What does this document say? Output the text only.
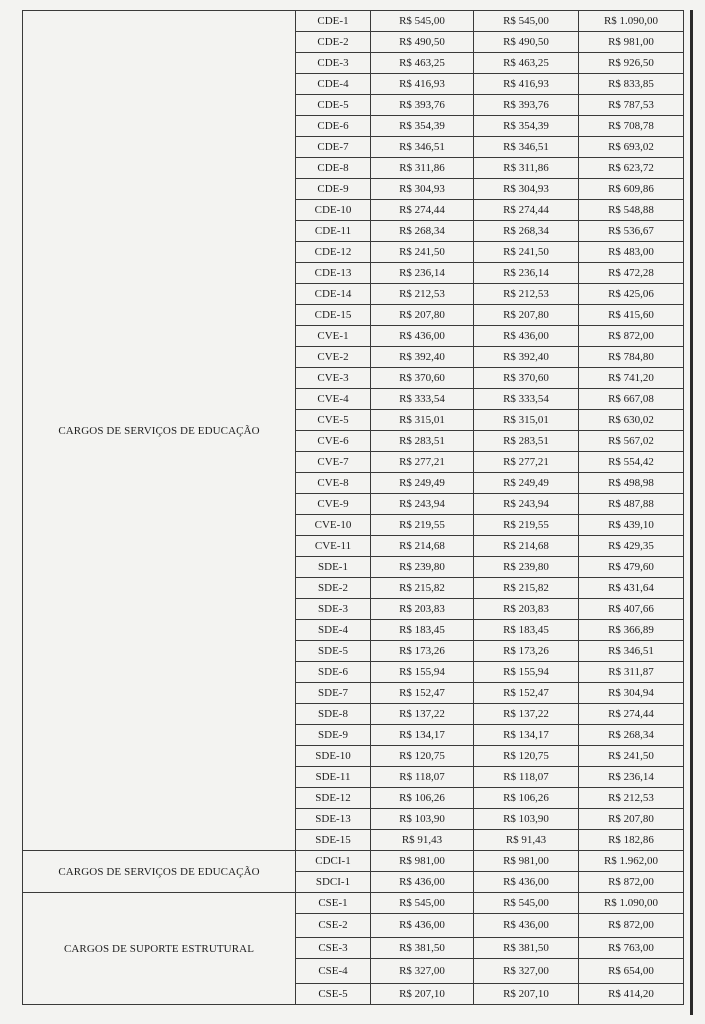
CARGOS DE SERVIÇOS DE EDUCAÇÃO	CDE-1	R$ 545,00	R$ 545,00	R$ 1.090,00
	CDE-2	R$ 490,50	R$ 490,50	R$ 981,00
	CDE-3	R$ 463,25	R$ 463,25	R$ 926,50
	CDE-4	R$ 416,93	R$ 416,93	R$ 833,85
	CDE-5	R$ 393,76	R$ 393,76	R$ 787,53
	CDE-6	R$ 354,39	R$ 354,39	R$ 708,78
	CDE-7	R$ 346,51	R$ 346,51	R$ 693,02
	CDE-8	R$ 311,86	R$ 311,86	R$ 623,72
	CDE-9	R$ 304,93	R$ 304,93	R$ 609,86
	CDE-10	R$ 274,44	R$ 274,44	R$ 548,88
	CDE-11	R$ 268,34	R$ 268,34	R$ 536,67
	CDE-12	R$ 241,50	R$ 241,50	R$ 483,00
	CDE-13	R$ 236,14	R$ 236,14	R$ 472,28
	CDE-14	R$ 212,53	R$ 212,53	R$ 425,06
	CDE-15	R$ 207,80	R$ 207,80	R$ 415,60
	CVE-1	R$ 436,00	R$ 436,00	R$ 872,00
	CVE-2	R$ 392,40	R$ 392,40	R$ 784,80
	CVE-3	R$ 370,60	R$ 370,60	R$ 741,20
	CVE-4	R$ 333,54	R$ 333,54	R$ 667,08
	CVE-5	R$ 315,01	R$ 315,01	R$ 630,02
	CVE-6	R$ 283,51	R$ 283,51	R$ 567,02
	CVE-7	R$ 277,21	R$ 277,21	R$ 554,42
	CVE-8	R$ 249,49	R$ 249,49	R$ 498,98
	CVE-9	R$ 243,94	R$ 243,94	R$ 487,88
	CVE-10	R$ 219,55	R$ 219,55	R$ 439,10
	CVE-11	R$ 214,68	R$ 214,68	R$ 429,35
	SDE-1	R$ 239,80	R$ 239,80	R$ 479,60
	SDE-2	R$ 215,82	R$ 215,82	R$ 431,64
	SDE-3	R$ 203,83	R$ 203,83	R$ 407,66
	SDE-4	R$ 183,45	R$ 183,45	R$ 366,89
	SDE-5	R$ 173,26	R$ 173,26	R$ 346,51
	SDE-6	R$ 155,94	R$ 155,94	R$ 311,87
	SDE-7	R$ 152,47	R$ 152,47	R$ 304,94
	SDE-8	R$ 137,22	R$ 137,22	R$ 274,44
	SDE-9	R$ 134,17	R$ 134,17	R$ 268,34
	SDE-10	R$ 120,75	R$ 120,75	R$ 241,50
	SDE-11	R$ 118,07	R$ 118,07	R$ 236,14
	SDE-12	R$ 106,26	R$ 106,26	R$ 212,53
	SDE-13	R$ 103,90	R$ 103,90	R$ 207,80
	SDE-15	R$ 91,43	R$ 91,43	R$ 182,86
CARGOS DE SERVIÇOS DE EDUCAÇÃO	CDCI-1	R$ 981,00	R$ 981,00	R$ 1.962,00
	SDCI-1	R$ 436,00	R$ 436,00	R$ 872,00
CARGOS DE SUPORTE ESTRUTURAL	CSE-1	R$ 545,00	R$ 545,00	R$ 1.090,00
	CSE-2	R$ 436,00	R$ 436,00	R$ 872,00
	CSE-3	R$ 381,50	R$ 381,50	R$ 763,00
	CSE-4	R$ 327,00	R$ 327,00	R$ 654,00
	CSE-5	R$ 207,10	R$ 207,10	R$ 414,20
